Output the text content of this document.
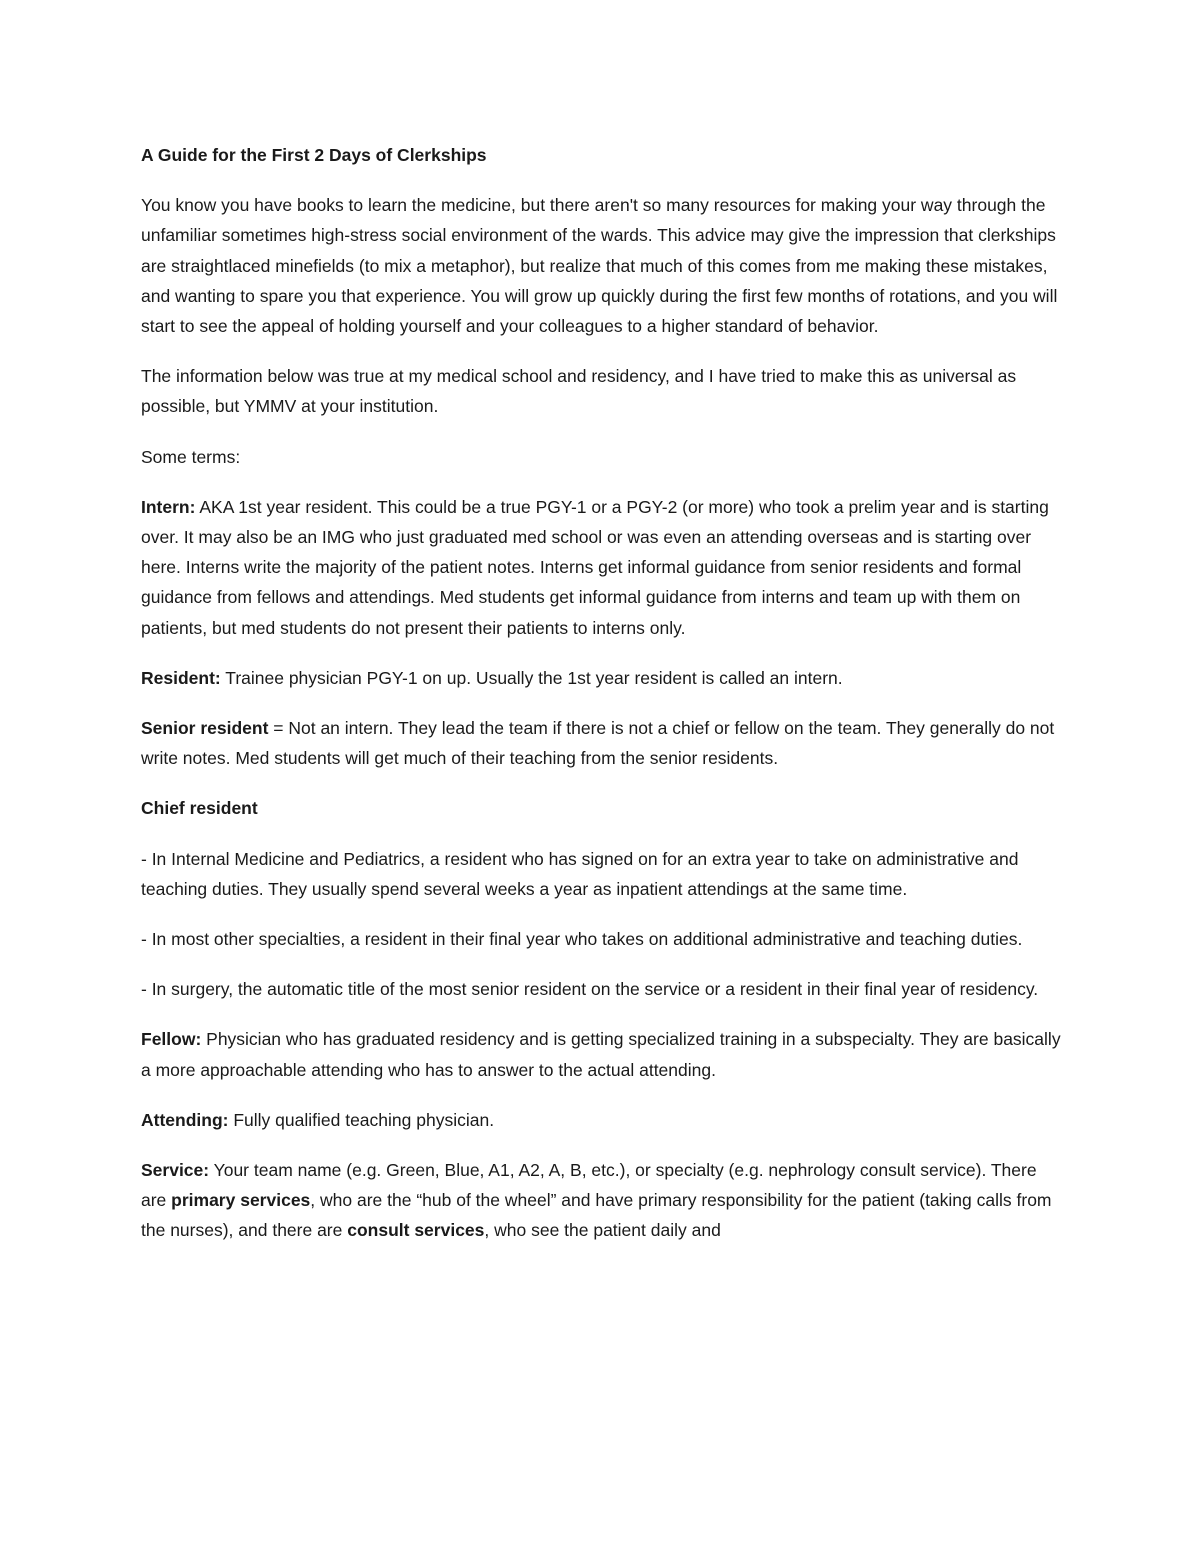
A Guide for the First 2 Days of Clerkships

You know you have books to learn the medicine, but there aren't so many resources for making your way through the unfamiliar sometimes high-stress social environment of the wards. This advice may give the impression that clerkships are straightlaced minefields (to mix a metaphor), but realize that much of this comes from me making these mistakes, and wanting to spare you that experience. You will grow up quickly during the first few months of rotations, and you will start to see the appeal of holding yourself and your colleagues to a higher standard of behavior.

The information below was true at my medical school and residency, and I have tried to make this as universal as possible, but YMMV at your institution.

Some terms:

Intern: AKA 1st year resident. This could be a true PGY-1 or a PGY-2 (or more) who took a prelim year and is starting over. It may also be an IMG who just graduated med school or was even an attending overseas and is starting over here. Interns write the majority of the patient notes. Interns get informal guidance from senior residents and formal guidance from fellows and attendings. Med students get informal guidance from interns and team up with them on patients, but med students do not present their patients to interns only.

Resident: Trainee physician PGY-1 on up. Usually the 1st year resident is called an intern.

Senior resident = Not an intern. They lead the team if there is not a chief or fellow on the team. They generally do not write notes. Med students will get much of their teaching from the senior residents.

Chief resident

- In Internal Medicine and Pediatrics, a resident who has signed on for an extra year to take on administrative and teaching duties. They usually spend several weeks a year as inpatient attendings at the same time.

- In most other specialties, a resident in their final year who takes on additional administrative and teaching duties.

- In surgery, the automatic title of the most senior resident on the service or a resident in their final year of residency.

Fellow: Physician who has graduated residency and is getting specialized training in a subspecialty. They are basically a more approachable attending who has to answer to the actual attending.

Attending: Fully qualified teaching physician.

Service: Your team name (e.g. Green, Blue, A1, A2, A, B, etc.), or specialty (e.g. nephrology consult service). There are primary services, who are the “hub of the wheel” and have primary responsibility for the patient (taking calls from the nurses), and there are consult services, who see the patient daily and
